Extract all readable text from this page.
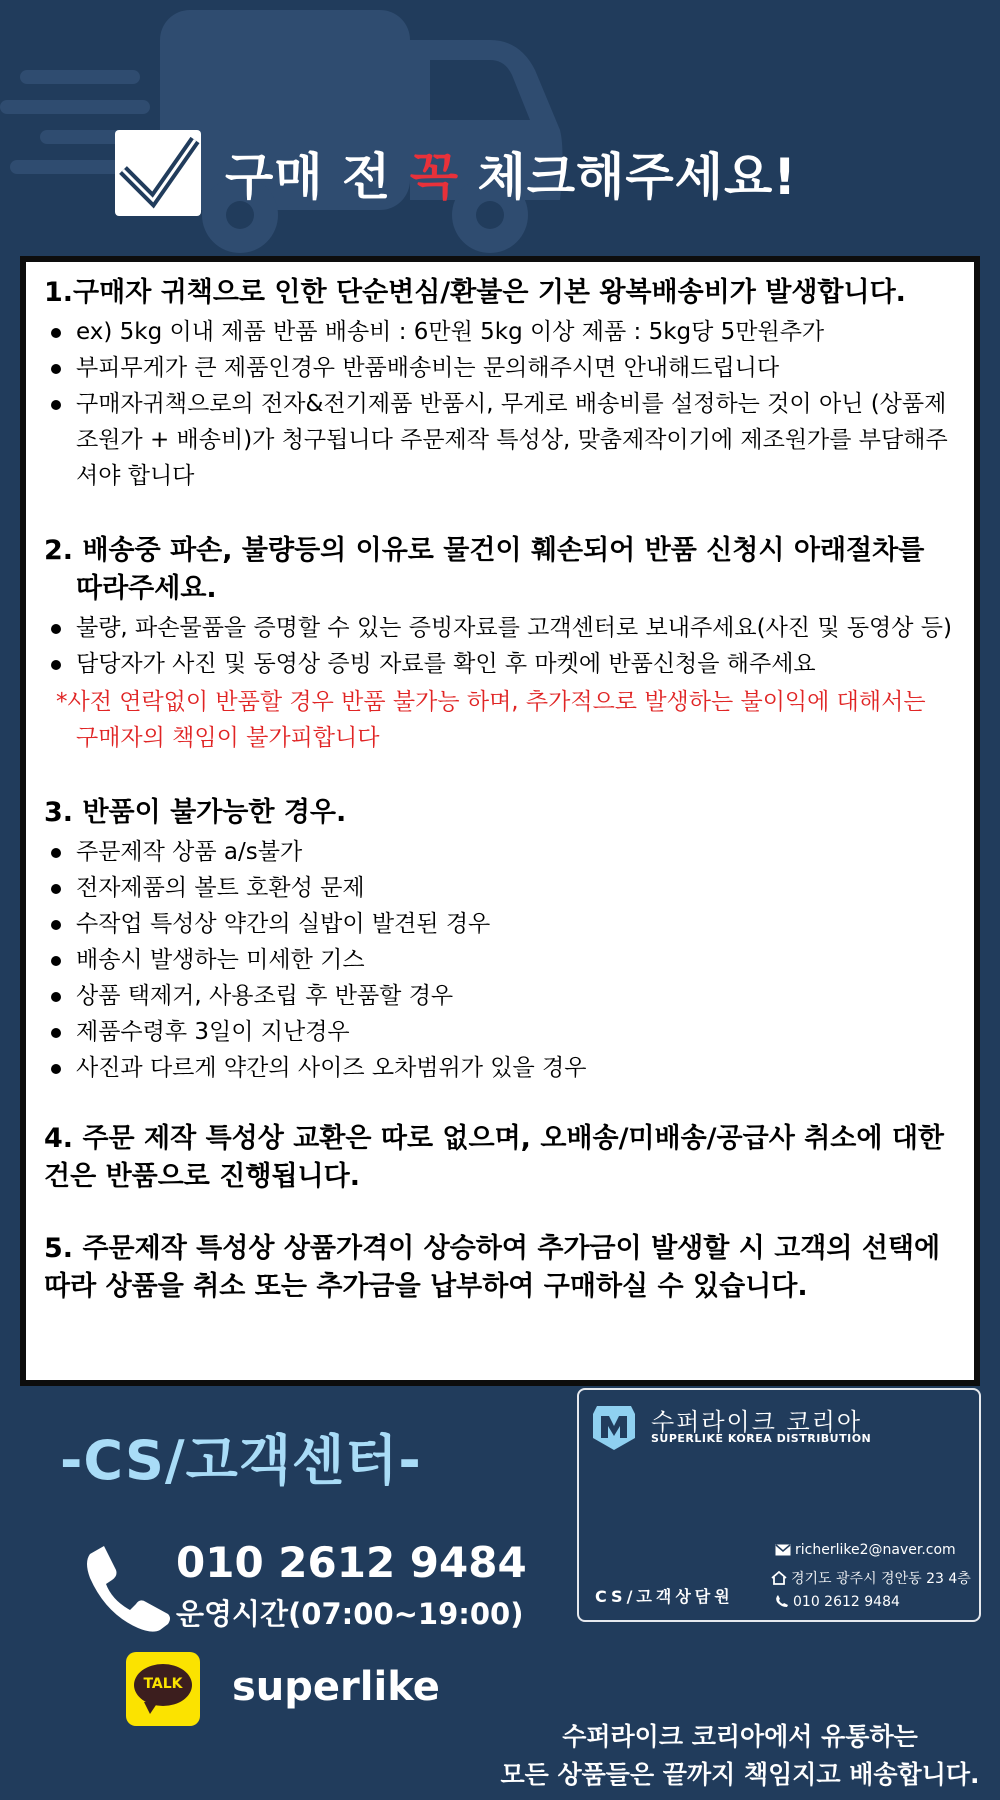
구매 전 꼭 체크해주세요!

1.구매자 귀책으로 인한 단순변심/환불은 기본 왕복배송비가 발생합니다.

ex) 5kg 이내 제품 반품 배송비 : 6만원 5kg 이상 제품 : 5kg당 5만원추가
부피무게가 큰 제품인경우 반품배송비는 문의해주시면 안내해드립니다
구매자귀책으로의 전자&전기제품 반품시, 무게로 배송비를 설정하는 것이 아닌 (상품제조원가 + 배송비)가 청구됩니다 주문제작 특성상, 맞춤제작이기에 제조원가를 부담해주셔야 합니다

2. 배송중 파손, 불량등의 이유로 물건이 훼손되어 반품 신청시 아래절차를 따라주세요.

불량, 파손물품을 증명할 수 있는 증빙자료를 고객센터로 보내주세요(사진 및 동영상 등)
담당자가 사진 및 동영상 증빙 자료를 확인 후 마켓에 반품신청을 해주세요

*사전 연락없이 반품할 경우 반품 불가능 하며, 추가적으로 발생하는 불이익에 대해서는 구매자의 책임이 불가피합니다

3. 반품이 불가능한 경우.

주문제작 상품 a/s불가
전자제품의 볼트 호환성 문제
수작업 특성상 약간의 실밥이 발견된 경우
배송시 발생하는 미세한 기스
상품 택제거, 사용조립 후 반품할 경우
제품수령후 3일이 지난경우
사진과 다르게 약간의 사이즈 오차범위가 있을 경우

4. 주문 제작 특성상 교환은 따로 없으며, 오배송/미배송/공급사 취소에 대한건은 반품으로 진행됩니다.

5. 주문제작 특성상 상품가격이 상승하여 추가금이 발생할 시 고객의 선택에 따라 상품을 취소 또는 추가금을 납부하여 구매하실 수 있습니다.

-CS/고객센터-
010 2612 9484
운영시간(07:00~19:00)
TALK superlike
수퍼라이크 코리아
SUPERLIKE KOREA DISTRIBUTION
CS/고객상담원
richerlike2@naver.com
경기도 광주시 경안동 23 4층
010 2612 9484
수퍼라이크 코리아에서 유통하는
모든 상품들은 끝까지 책임지고 배송합니다.
